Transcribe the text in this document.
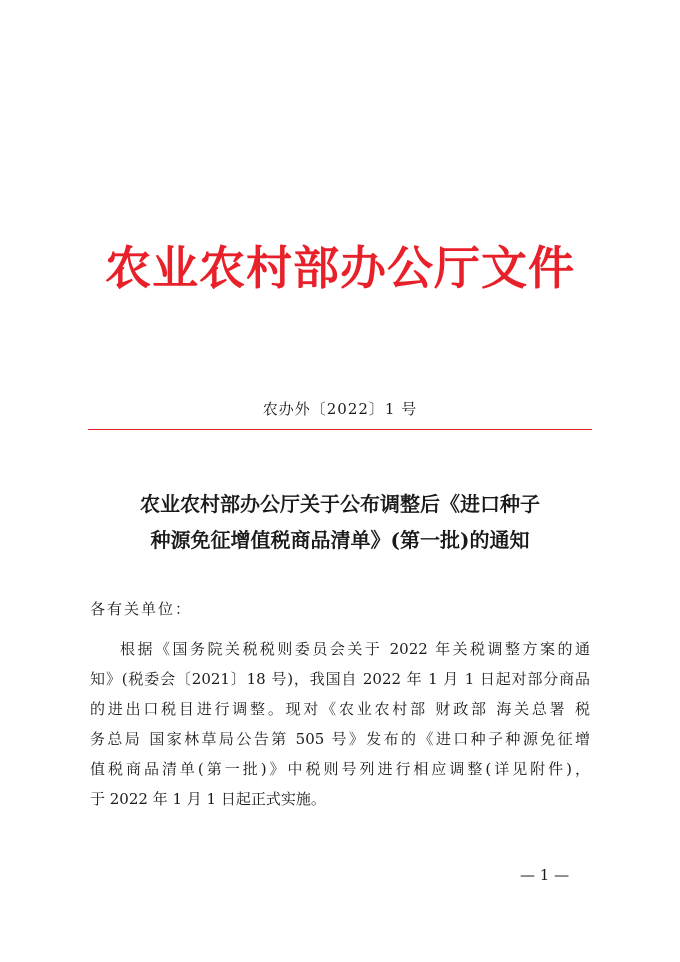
农业农村部办公厅文件
农办外〔2022〕1 号
农业农村部办公厅关于公布调整后《进口种子
种源免征增值税商品清单》(第一批)的通知
各有关单位：
根据《国务院关税税则委员会关于 2022 年关税调整方案的通
知》(税委会〔2021〕18 号)，我国自 2022 年 1 月 1 日起对部分商品
的进出口税目进行调整。现对《农业农村部 财政部 海关总署 税
务总局 国家林草局公告第 505 号》发布的《进口种子种源免征增
值税商品清单(第一批)》中税则号列进行相应调整(详见附件)，
于 2022 年 1 月 1 日起正式实施。
— 1 —
